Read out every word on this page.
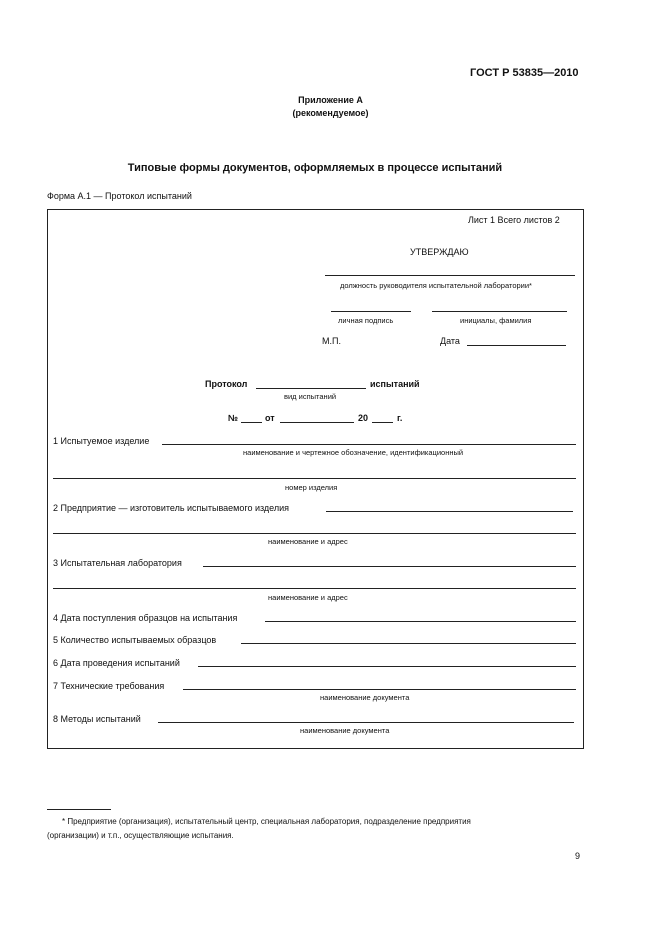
ГОСТ Р 53835—2010
Приложение А
(рекомендуемое)
Типовые формы документов, оформляемых в процессе испытаний
Форма А.1 — Протокол испытаний
Лист 1 Всего листов 2
УТВЕРЖДАЮ
должность руководителя испытательной лаборатории*
личная подпись	инициалы, фамилия
М.П.	Дата
Протокол	испытаний
вид испытаний
№	от	20	г.
1 Испытуемое изделие
наименование и чертежное обозначение, идентификационный
номер изделия
2 Предприятие — изготовитель испытываемого изделия
наименование и адрес
3 Испытательная лаборатория
наименование и адрес
4 Дата поступления образцов на испытания
5 Количество испытываемых образцов
6 Дата проведения испытаний
7 Технические требования
наименование документа
8 Методы испытаний
наименование документа
* Предприятие (организация), испытательный центр, специальная лаборатория, подразделение предприятия
(организации) и т.п., осуществляющие испытания.
9
